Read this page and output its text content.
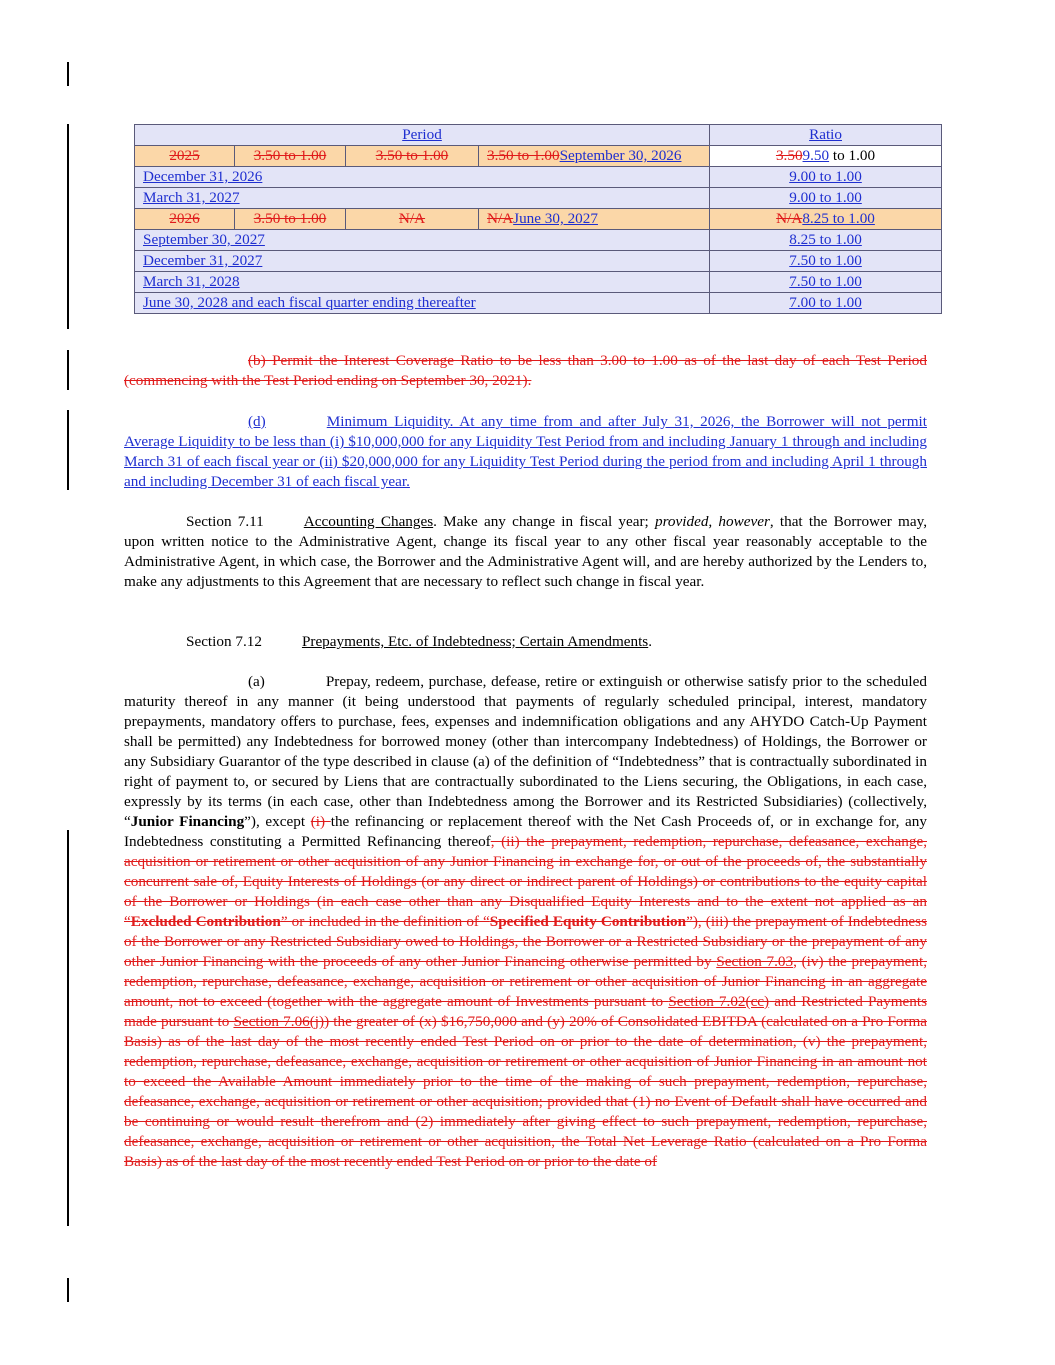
Period				Ratio
2025	3.50 to 1.00	3.50 to 1.00	3.50 to 1.00September 30, 2026	3.509.50 to 1.00
December 31, 2026				9.00 to 1.00
March 31, 2027				9.00 to 1.00
2026	3.50 to 1.00	N/A	N/AJune 30, 2027	N/A8.25 to 1.00
September 30, 2027				8.25 to 1.00
December 31, 2027				7.50 to 1.00
March 31, 2028				7.50 to 1.00
June 30, 2028 and each fiscal quarter ending thereafter				7.00 to 1.00
(b) Permit the Interest Coverage Ratio to be less than 3.00 to 1.00 as of the last day of each Test Period (commencing with the Test Period ending on September 30, 2021).
(d)	Minimum Liquidity. At any time from and after July 31, 2026, the Borrower will not permit Average Liquidity to be less than (i) $10,000,000 for any Liquidity Test Period from and including January 1 through and including March 31 of each fiscal year or (ii) $20,000,000 for any Liquidity Test Period during the period from and including April 1 through and including December 31 of each fiscal year.
Section 7.11	Accounting Changes. Make any change in fiscal year; provided, however, that the Borrower may, upon written notice to the Administrative Agent, change its fiscal year to any other fiscal year reasonably acceptable to the Administrative Agent, in which case, the Borrower and the Administrative Agent will, and are hereby authorized by the Lenders to, make any adjustments to this Agreement that are necessary to reflect such change in fiscal year.
Section 7.12	Prepayments, Etc. of Indebtedness; Certain Amendments.
(a)	Prepay, redeem, purchase, defease, retire or extinguish or otherwise satisfy prior to the scheduled maturity thereof in any manner (it being understood that payments of regularly scheduled principal, interest, mandatory prepayments, mandatory offers to purchase, fees, expenses and indemnification obligations and any AHYDO Catch-Up Payment shall be permitted) any Indebtedness for borrowed money (other than intercompany Indebtedness) of Holdings, the Borrower or any Subsidiary Guarantor of the type described in clause (a) of the definition of “Indebtedness” that is contractually subordinated in right of payment to, or secured by Liens that are contractually subordinated to the Liens securing, the Obligations, in each case, expressly by its terms (in each case, other than Indebtedness among the Borrower and its Restricted Subsidiaries) (collectively, “Junior Financing”), except (i) the refinancing or replacement thereof with the Net Cash Proceeds of, or in exchange for, any Indebtedness constituting a Permitted Refinancing thereof, (ii) the prepayment, redemption, repurchase, defeasance, exchange, acquisition or retirement or other acquisition of any Junior Financing in exchange for, or out of the proceeds of, the substantially concurrent sale of, Equity Interests of Holdings (or any direct or indirect parent of Holdings) or contributions to the equity capital of the Borrower or Holdings (in each case other than any Disqualified Equity Interests and to the extent not applied as an “Excluded Contribution” or included in the definition of “Specified Equity Contribution”), (iii) the prepayment of Indebtedness of the Borrower or any Restricted Subsidiary owed to Holdings, the Borrower or a Restricted Subsidiary or the prepayment of any other Junior Financing with the proceeds of any other Junior Financing otherwise permitted by Section 7.03, (iv) the prepayment, redemption, repurchase, defeasance, exchange, acquisition or retirement or other acquisition of Junior Financing in an aggregate amount, not to exceed (together with the aggregate amount of Investments pursuant to Section 7.02(cc) and Restricted Payments made pursuant to Section 7.06(j)) the greater of (x) $16,750,000 and (y) 20% of Consolidated EBITDA (calculated on a Pro Forma Basis) as of the last day of the most recently ended Test Period on or prior to the date of determination, (v) the prepayment, redemption, repurchase, defeasance, exchange, acquisition or retirement or other acquisition of Junior Financing in an amount not to exceed the Available Amount immediately prior to the time of the making of such prepayment, redemption, repurchase, defeasance, exchange, acquisition or retirement or other acquisition; provided that (1) no Event of Default shall have occurred and be continuing or would result therefrom and (2) immediately after giving effect to such prepayment, redemption, repurchase, defeasance, exchange, acquisition or retirement or other acquisition, the Total Net Leverage Ratio (calculated on a Pro Forma Basis) as of the last day of the most recently ended Test Period on or prior to the date of
